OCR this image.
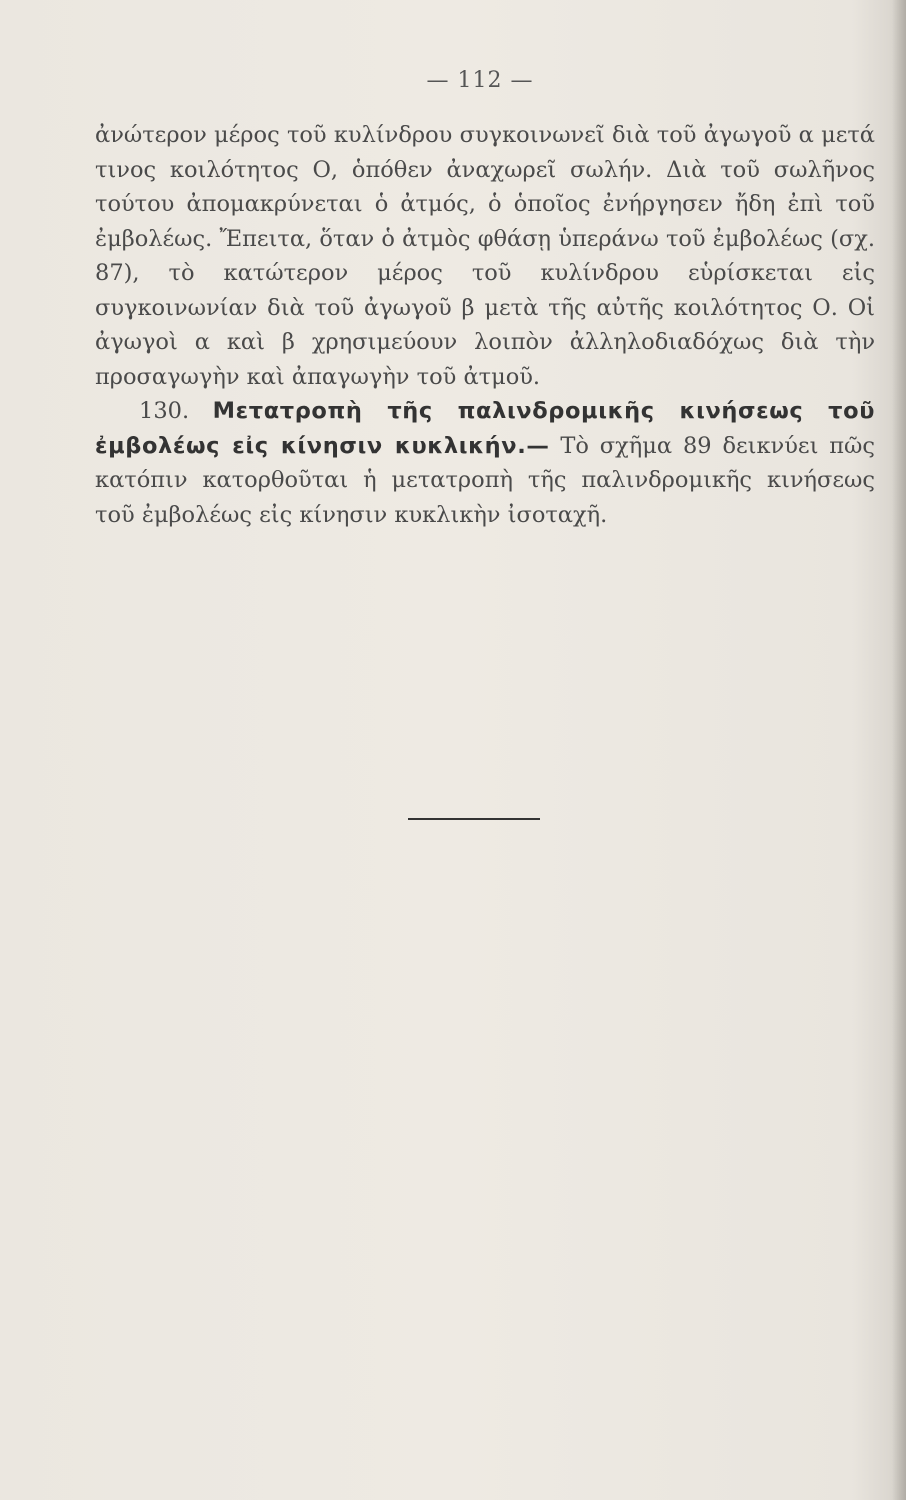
— 112 —

ἀνώτερον μέρος τοῦ κυλίνδρου συγκοινωνεῖ διὰ τοῦ ἀγωγοῦ α μετά τινος κοιλότητος Ο, ὁπόθεν ἀναχωρεῖ σωλήν. Διὰ τοῦ σωλῆνος τούτου ἀπομακρύνεται ὁ ἀτμός, ὁ ὁποῖος ἐνήργησεν ἤδη ἐπὶ τοῦ ἐμβολέως. Ἔπειτα, ὅταν ὁ ἀτμὸς φθάσῃ ὑπεράνω τοῦ ἐμβολέως (σχ. 87), τὸ κατώτερον μέρος τοῦ κυλίνδρου εὑρίσκεται εἰς συγκοινωνίαν διὰ τοῦ ἀγωγοῦ β μετὰ τῆς αὐτῆς κοιλότητος Ο. Οἱ ἀγωγοὶ α καὶ β χρησιμεύουν λοιπὸν ἀλληλοδιαδόχως διὰ τὴν προσαγωγὴν καὶ ἀπαγωγὴν τοῦ ἀτμοῦ.

130. Μετατροπὴ τῆς παλινδρομικῆς κινήσεως τοῦ ἐμβολέως εἰς κίνησιν κυκλικήν.— Τὸ σχῆμα 89 δεικνύει πῶς κατόπιν κατορθοῦται ἡ μετατροπὴ τῆς παλινδρομικῆς κινήσεως τοῦ ἐμβολέως εἰς κίνησιν κυκλικὴν ἰσοταχῆ.
